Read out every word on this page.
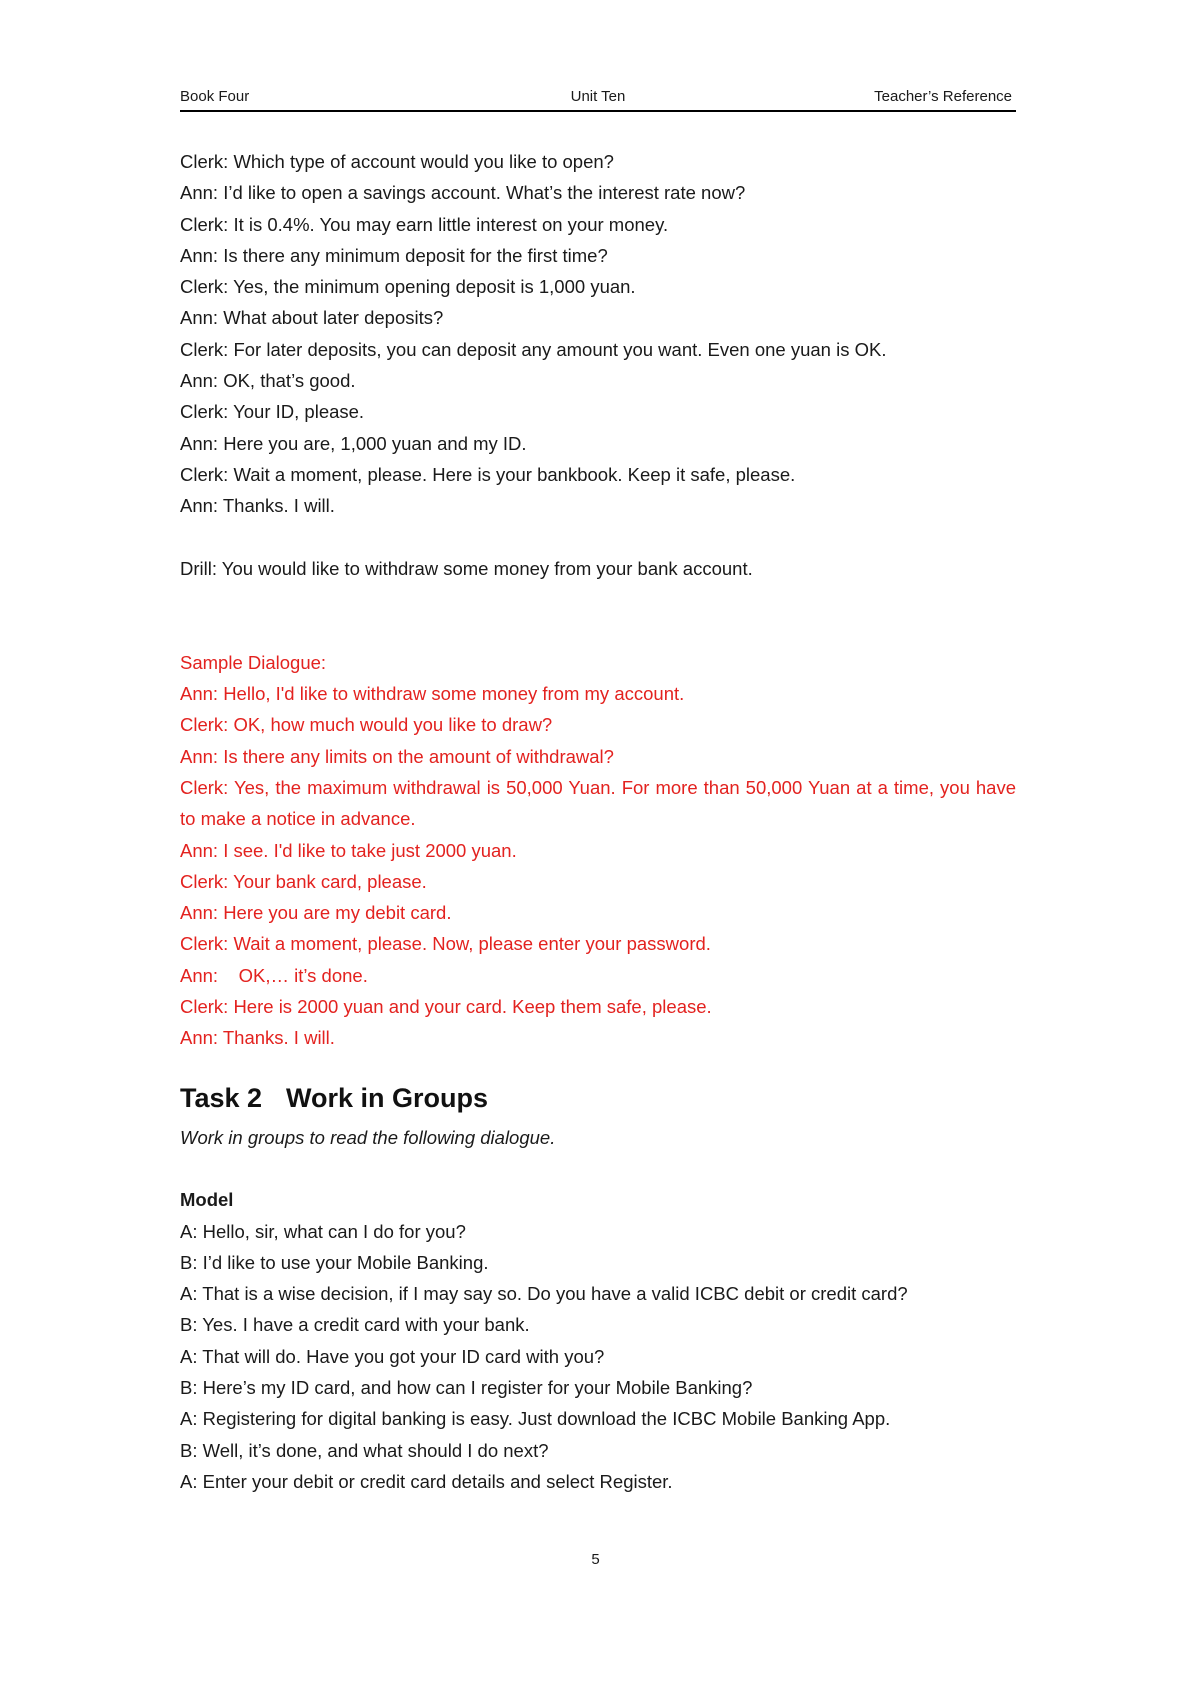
Book Four	Unit Ten	Teacher’s Reference
Clerk: Which type of account would you like to open?
Ann: I’d like to open a savings account. What’s the interest rate now?
Clerk: It is 0.4%. You may earn little interest on your money.
Ann: Is there any minimum deposit for the first time?
Clerk: Yes, the minimum opening deposit is 1,000 yuan.
Ann: What about later deposits?
Clerk: For later deposits, you can deposit any amount you want. Even one yuan is OK.
Ann: OK, that’s good.
Clerk: Your ID, please.
Ann: Here you are, 1,000 yuan and my ID.
Clerk: Wait a moment, please. Here is your bankbook. Keep it safe, please.
Ann: Thanks. I will.
Drill: You would like to withdraw some money from your bank account.
Sample Dialogue:
Ann: Hello, I'd like to withdraw some money from my account.
Clerk: OK, how much would you like to draw?
Ann: Is there any limits on the amount of withdrawal?
Clerk: Yes, the maximum withdrawal is 50,000 Yuan. For more than 50,000 Yuan at a time, you have to make a notice in advance.
Ann: I see. I'd like to take just 2000 yuan.
Clerk: Your bank card, please.
Ann: Here you are my debit card.
Clerk: Wait a moment, please. Now, please enter your password.
Ann:    OK,… it’s done.
Clerk: Here is 2000 yuan and your card. Keep them safe, please.
Ann: Thanks. I will.
Task 2 Work in Groups
Work in groups to read the following dialogue.
Model
A: Hello, sir, what can I do for you?
B: I’d like to use your Mobile Banking.
A: That is a wise decision, if I may say so. Do you have a valid ICBC debit or credit card?
B: Yes. I have a credit card with your bank.
A: That will do. Have you got your ID card with you?
B: Here’s my ID card, and how can I register for your Mobile Banking?
A: Registering for digital banking is easy. Just download the ICBC Mobile Banking App.
B: Well, it’s done, and what should I do next?
A: Enter your debit or credit card details and select Register.
5
